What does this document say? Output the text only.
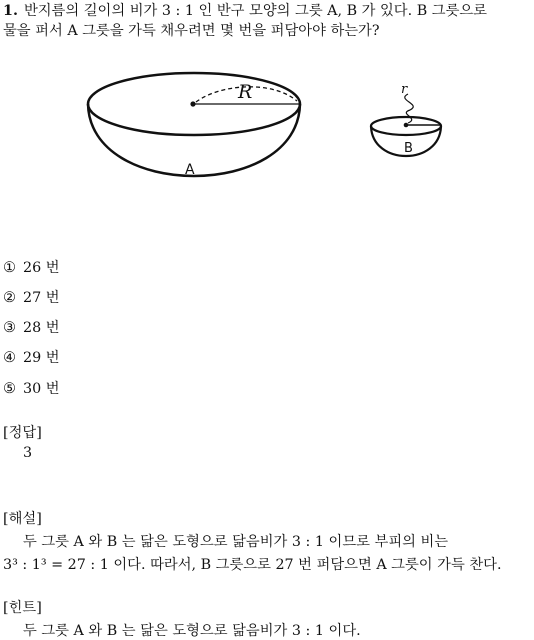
1. 반지름의 길이의 비가 3 : 1 인 반구 모양의 그릇 A, B 가 있다. B 그릇으로
물을 퍼서 A 그릇을 가득 채우려면 몇 번을 퍼담아야 하는가?
R
A
r
B
① 26 번
② 27 번
③ 28 번
④ 29 번
⑤ 30 번
[정답]
3
[해설]
두 그릇 A 와 B 는 닮은 도형으로 닮음비가 3 : 1 이므로 부피의 비는
3³ : 1³ = 27 : 1 이다. 따라서, B 그릇으로 27 번 퍼담으면 A 그릇이 가득 찬다.
[힌트]
두 그릇 A 와 B 는 닮은 도형으로 닮음비가 3 : 1 이다.
